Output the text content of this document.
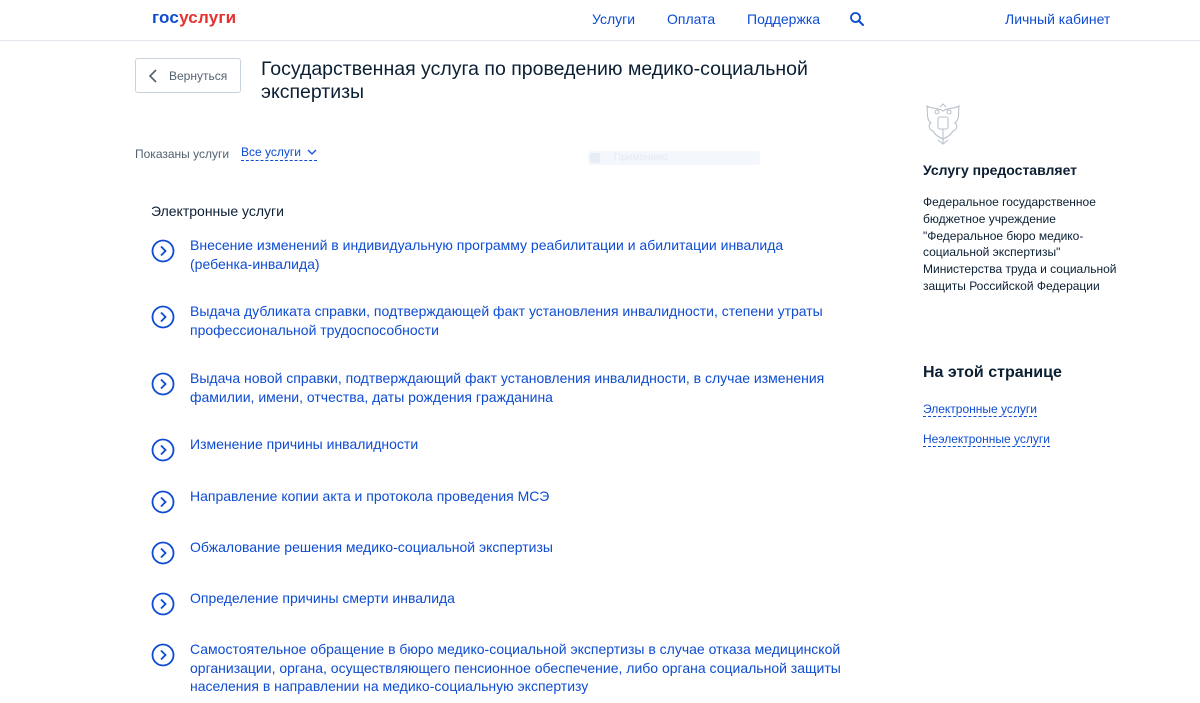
госуслуги	Услуги Оплата Поддержка	Личный кабинет
Вернуться Государственная услуга по проведению медико-социальной экспертизы
Показаны услуги Все услуги	Применимо
Электронные услуги
Внесение изменений в индивидуальную программу реабилитации и абилитации инвалида (ребенка-инвалида)
Выдача дубликата справки, подтверждающей факт установления инвалидности, степени утраты профессиональной трудоспособности
Выдача новой справки, подтверждающий факт установления инвалидности, в случае изменения фамилии, имени, отчества, даты рождения гражданина
Изменение причины инвалидности
Направление копии акта и протокола проведения МСЭ
Обжалование решения медико-социальной экспертизы
Определение причины смерти инвалида
Самостоятельное обращение в бюро медико-социальной экспертизы в случае отказа медицинской организации, органа, осуществляющего пенсионное обеспечение, либо органа социальной защиты населения в направлении на медико-социальную экспертизу
Услугу предоставляет
Федеральное государственное бюджетное учреждение "Федеральное бюро медико-социальной экспертизы" Министерства труда и социальной защиты Российской Федерации
На этой странице
Электронные услуги
Неэлектронные услуги
